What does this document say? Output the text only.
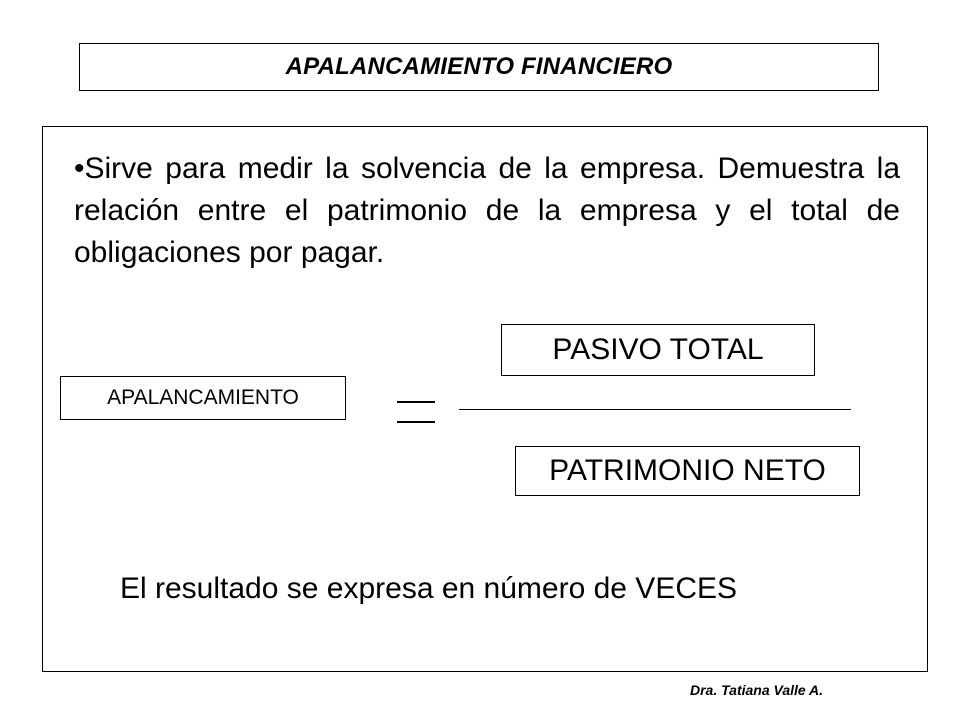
APALANCAMIENTO FINANCIERO
•Sirve para medir la solvencia de la empresa. Demuestra la relación entre el patrimonio de la empresa y el total de obligaciones por pagar.
APALANCAMIENTO
PASIVO TOTAL
PATRIMONIO NETO
El resultado se expresa en número de VECES
Dra. Tatiana Valle A.
